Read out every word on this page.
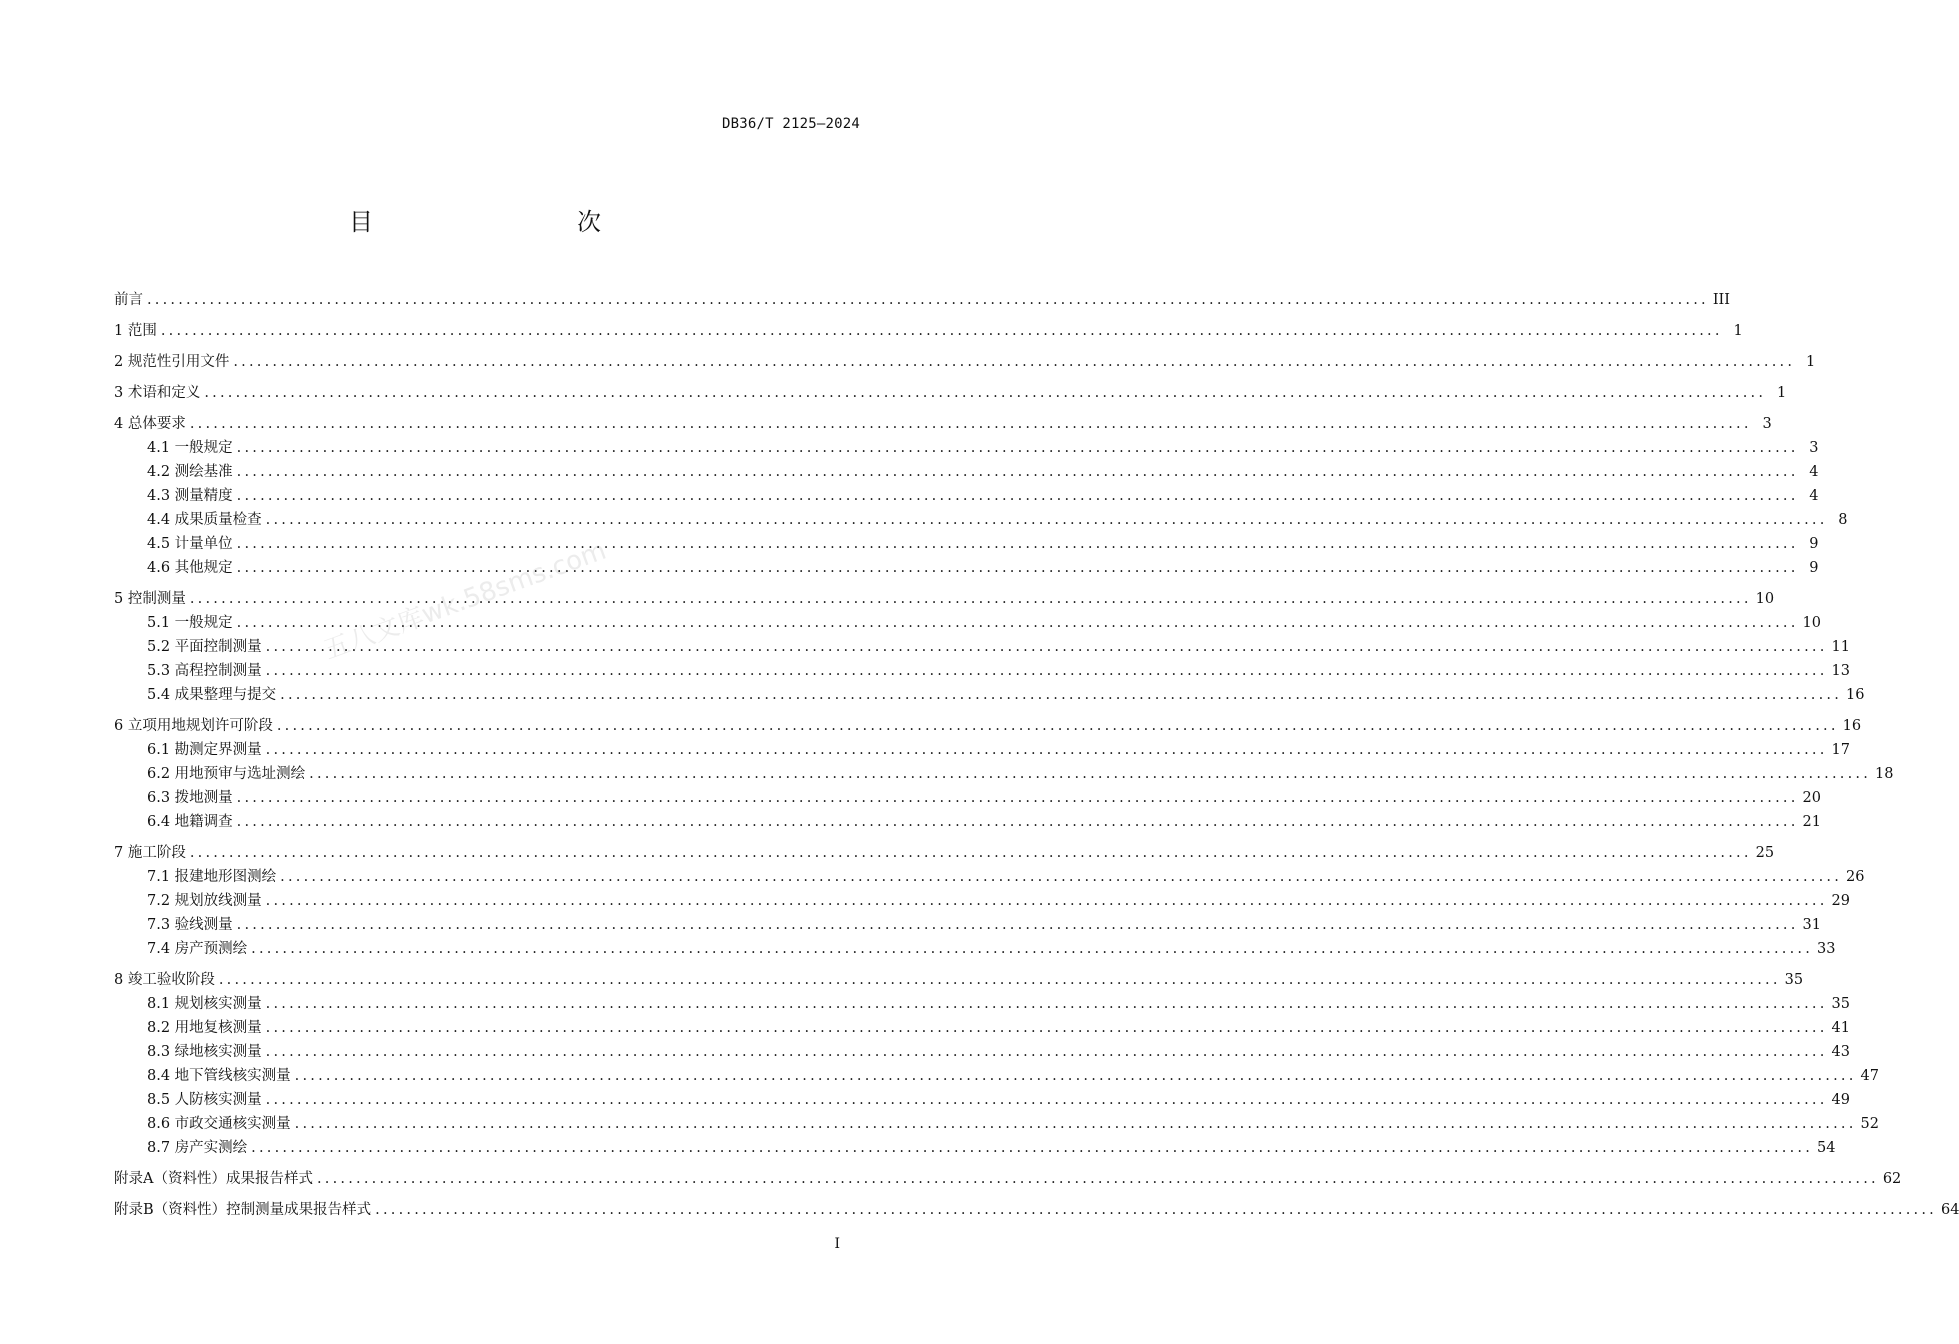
DB36/T 2125—2024
目　　次
五八文库wk.58sms.com
前言 ........................................................................................................................................................................................................ III
1 范围 ........................................................................................................................................................................................................ 1
2 规范性引用文件 ........................................................................................................................................................................................................ 1
3 术语和定义 ........................................................................................................................................................................................................ 1
4 总体要求 ........................................................................................................................................................................................................ 3
4.1 一般规定 ........................................................................................................................................................................................................ 3
4.2 测绘基准 ........................................................................................................................................................................................................ 4
4.3 测量精度 ........................................................................................................................................................................................................ 4
4.4 成果质量检查 ........................................................................................................................................................................................................ 8
4.5 计量单位 ........................................................................................................................................................................................................ 9
4.6 其他规定 ........................................................................................................................................................................................................ 9
5 控制测量 ........................................................................................................................................................................................................ 10
5.1 一般规定 ........................................................................................................................................................................................................ 10
5.2 平面控制测量 ........................................................................................................................................................................................................ 11
5.3 高程控制测量 ........................................................................................................................................................................................................ 13
5.4 成果整理与提交 ........................................................................................................................................................................................................ 16
6 立项用地规划许可阶段 ........................................................................................................................................................................................................ 16
6.1 勘测定界测量 ........................................................................................................................................................................................................ 17
6.2 用地预审与选址测绘 ........................................................................................................................................................................................................ 18
6.3 拨地测量 ........................................................................................................................................................................................................ 20
6.4 地籍调查 ........................................................................................................................................................................................................ 21
7 施工阶段 ........................................................................................................................................................................................................ 25
7.1 报建地形图测绘 ........................................................................................................................................................................................................ 26
7.2 规划放线测量 ........................................................................................................................................................................................................ 29
7.3 验线测量 ........................................................................................................................................................................................................ 31
7.4 房产预测绘 ........................................................................................................................................................................................................ 33
8 竣工验收阶段 ........................................................................................................................................................................................................ 35
8.1 规划核实测量 ........................................................................................................................................................................................................ 35
8.2 用地复核测量 ........................................................................................................................................................................................................ 41
8.3 绿地核实测量 ........................................................................................................................................................................................................ 43
8.4 地下管线核实测量 ........................................................................................................................................................................................................ 47
8.5 人防核实测量 ........................................................................................................................................................................................................ 49
8.6 市政交通核实测量 ........................................................................................................................................................................................................ 52
8.7 房产实测绘 ........................................................................................................................................................................................................ 54
附录A（资料性）成果报告样式 ........................................................................................................................................................................................................ 62
附录B（资料性）控制测量成果报告样式 ........................................................................................................................................................................................................ 64
I
